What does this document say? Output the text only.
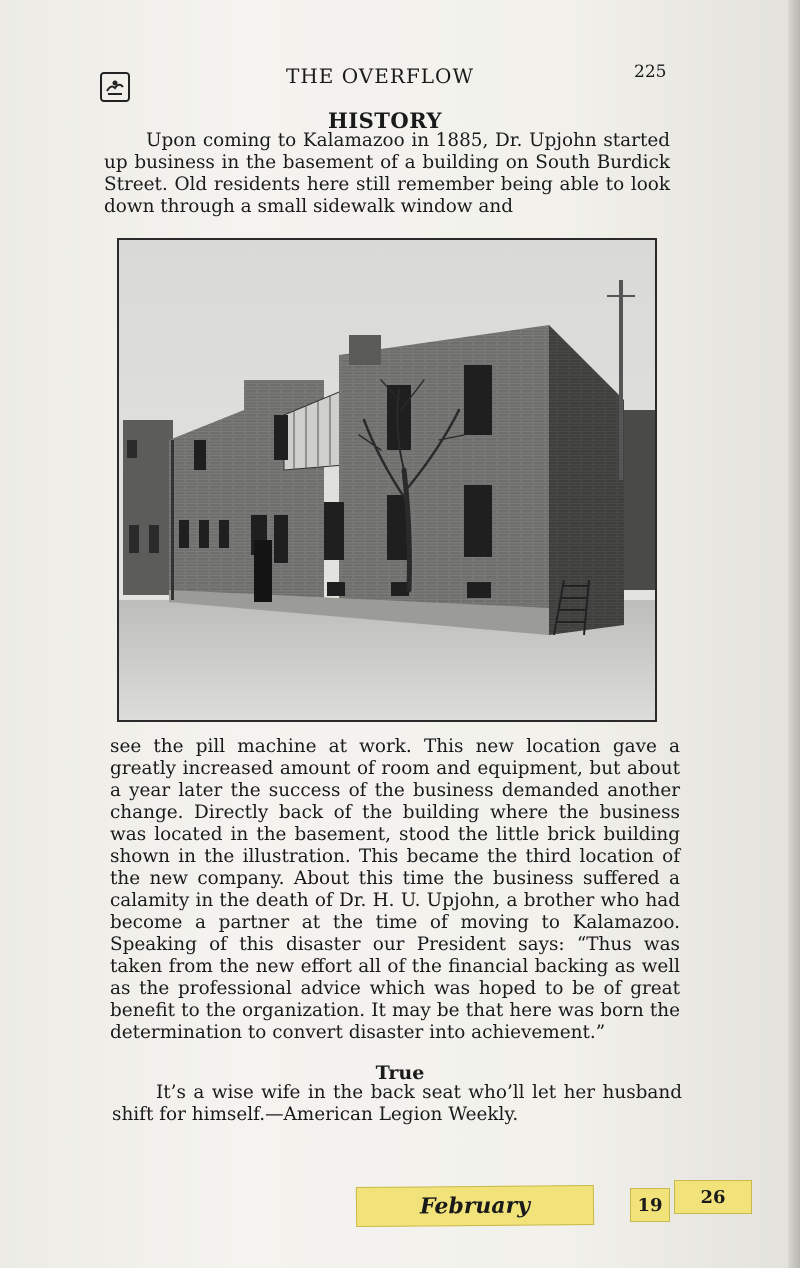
THE OVERFLOW	225
HISTORY
Upon coming to Kalamazoo in 1885, Dr. Upjohn started up business in the basement of a building on South Burdick Street. Old residents here still remember being able to look down through a small sidewalk window and
see the pill machine at work. This new location gave a greatly increased amount of room and equipment, but about a year later the success of the business demanded another change. Directly back of the building where the business was located in the basement, stood the little brick building shown in the illustration. This became the third location of the new company. About this time the business suffered a calamity in the death of Dr. H. U. Upjohn, a brother who had become a partner at the time of moving to Kalamazoo. Speaking of this disaster our President says: “Thus was taken from the new effort all of the financial backing as well as the professional advice which was hoped to be of great benefit to the organization. It may be that here was born the determination to convert disaster into achievement.”
True
It’s a wise wife in the back seat who’ll let her husband shift for himself.—American Legion Weekly.
February	19	26
